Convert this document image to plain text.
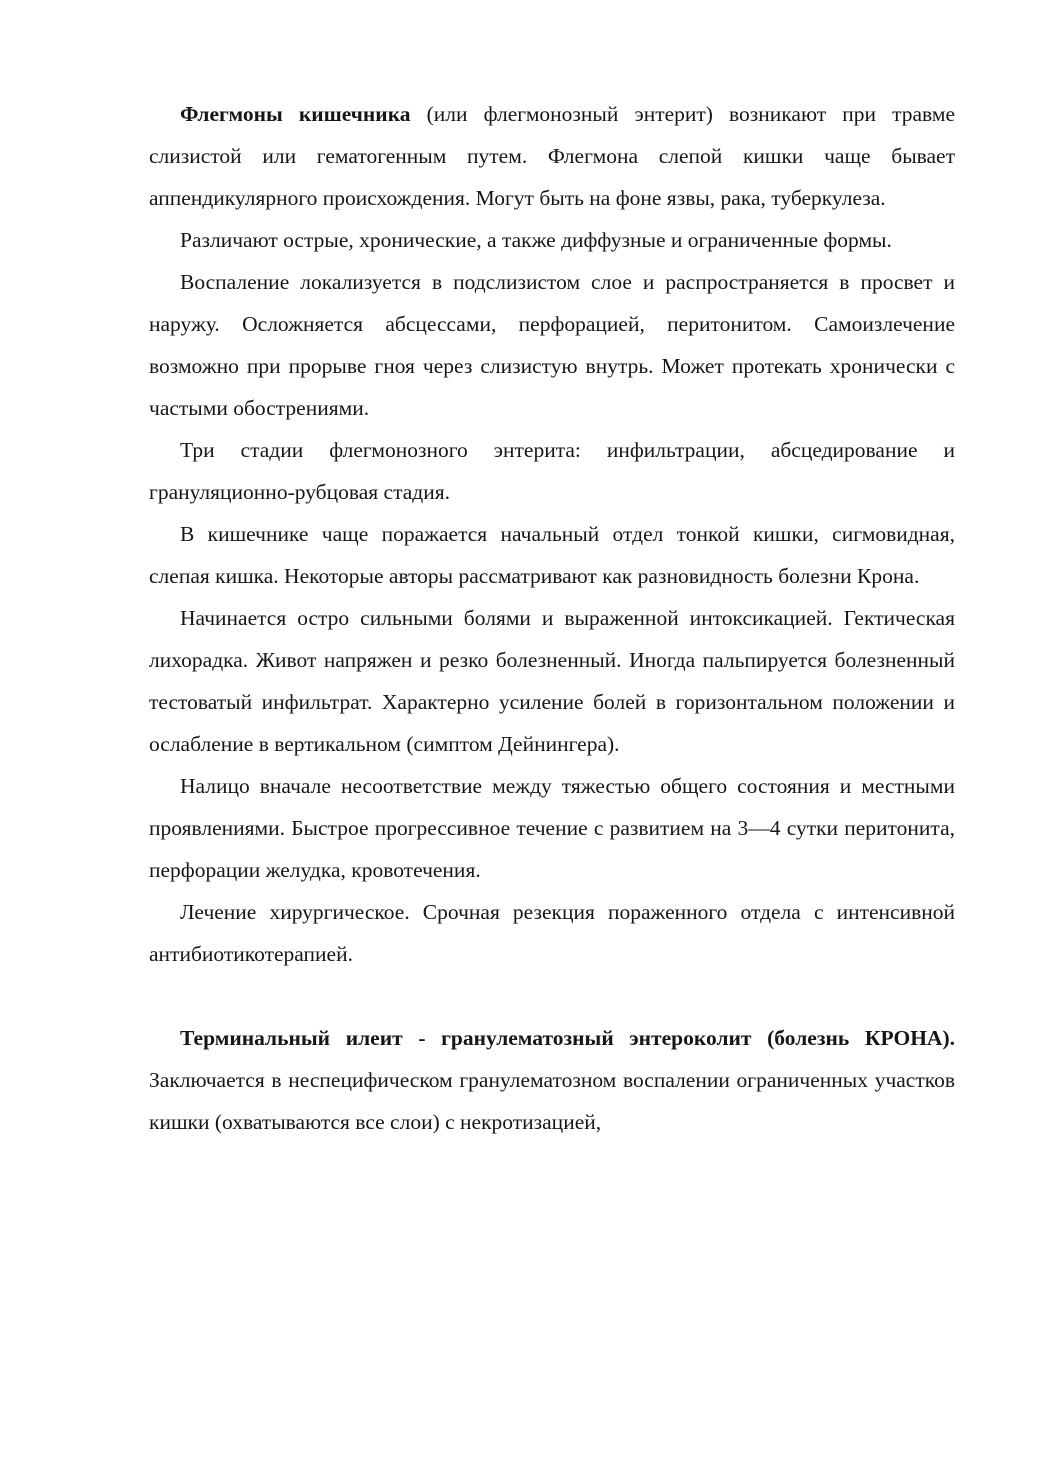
Флегмоны кишечника (или флегмонозный энтерит) возникают при травме слизистой или гематогенным путем. Флегмона слепой кишки чаще бывает аппендикулярного происхождения. Могут быть на фоне язвы, рака, туберкулеза.

Различают острые, хронические, а также диффузные и ограниченные формы.

Воспаление локализуется в подслизистом слое и распространяется в просвет и наружу. Осложняется абсцессами, перфорацией, перитонитом. Самоизлечение возможно при прорыве гноя через слизистую внутрь. Может протекать хронически с частыми обострениями.

Три стадии флегмонозного энтерита: инфильтрации, абсцедирование и грануляционно-рубцовая стадия.

В кишечнике чаще поражается начальный отдел тонкой кишки, сигмовидная, слепая кишка. Некоторые авторы рассматривают как разновидность болезни Крона.

Начинается остро сильными болями и выраженной интоксикацией. Гектическая лихорадка. Живот напряжен и резко болезненный. Иногда пальпируется болезненный тестоватый инфильтрат. Характерно усиление болей в горизонтальном положении и ослабление в вертикальном (симптом Дейнингера).

Налицо вначале несоответствие между тяжестью общего состояния и местными проявлениями. Быстрое прогрессивное течение с развитием на 3—4 сутки перитонита, перфорации желудка, кровотечения.

Лечение хирургическое. Срочная резекция пораженного отдела с интенсивной антибиотикотерапией.

Терминальный илеит - гранулематозный энтероколит (болезнь КРОНА). Заключается в неспецифическом гранулематозном воспалении ограниченных участков кишки (охватываются все слои) с некротизацией,
